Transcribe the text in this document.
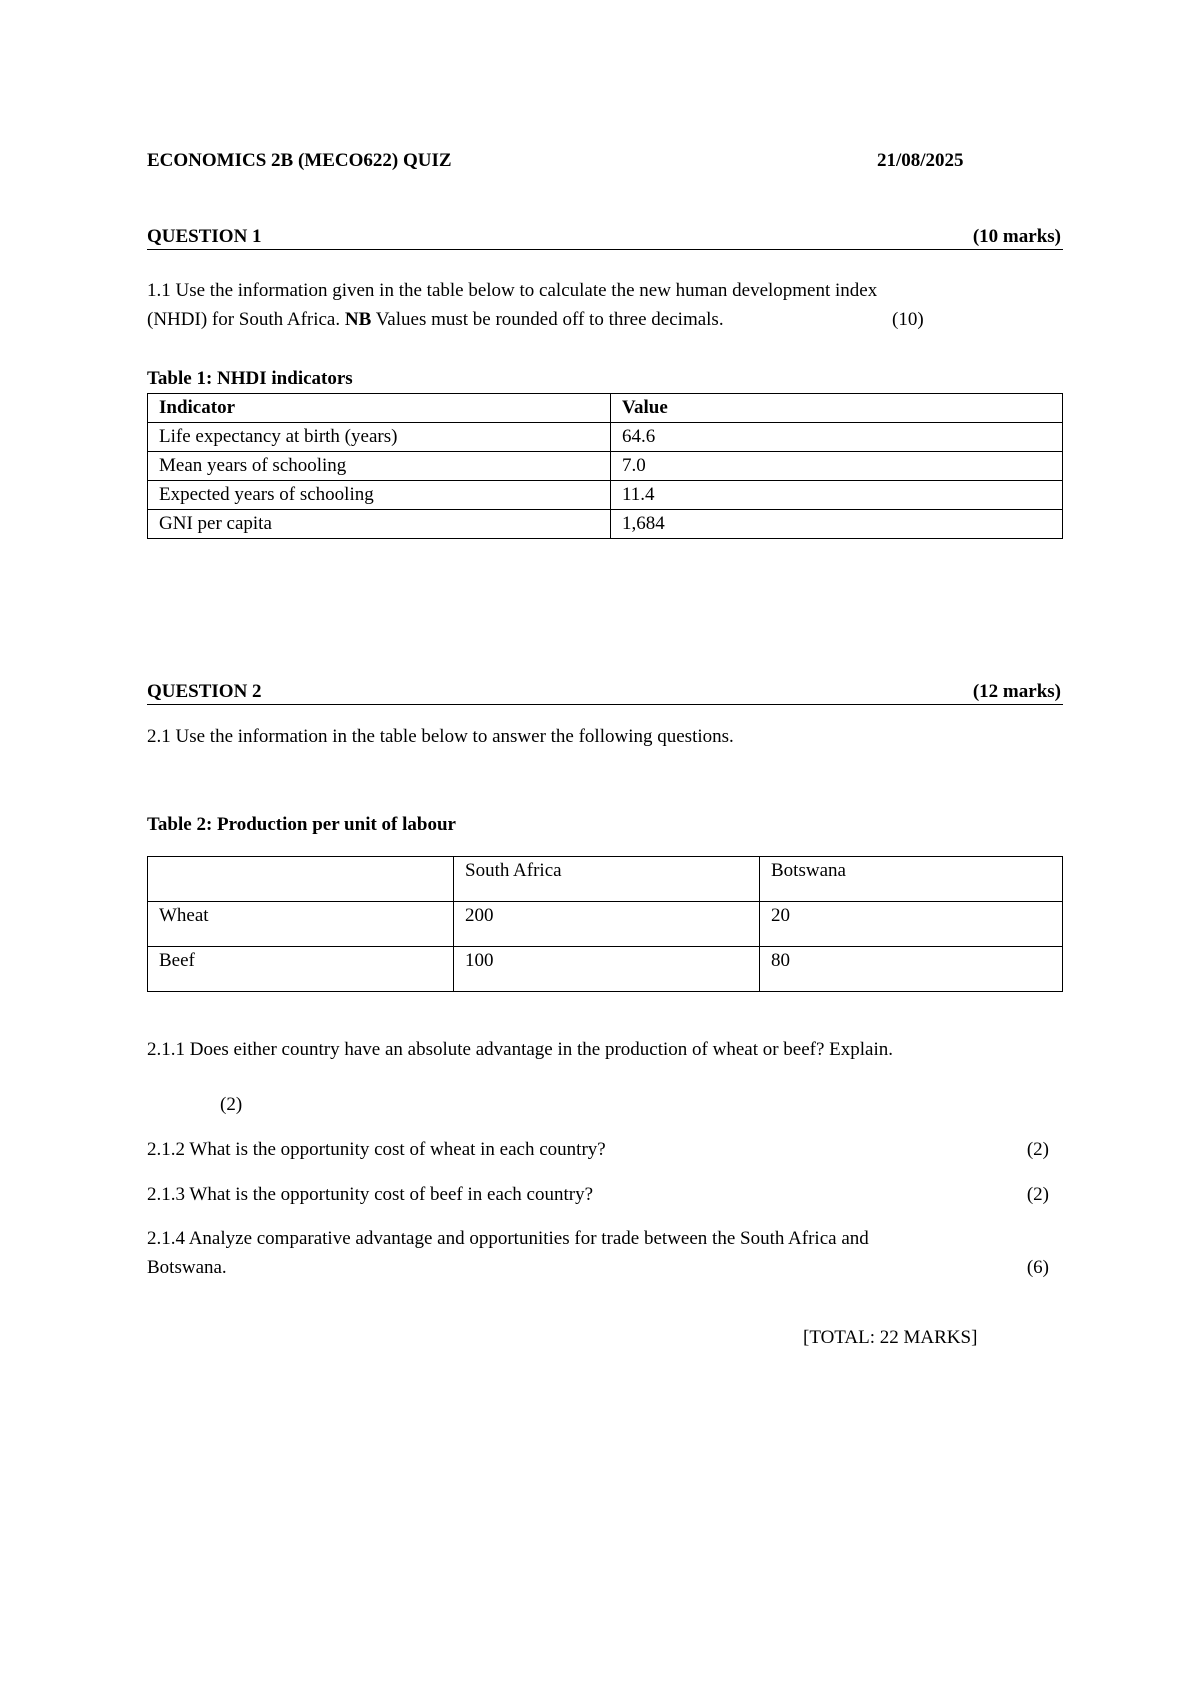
ECONOMICS 2B (MECO622) QUIZ	21/08/2025
QUESTION 1	(10 marks)
1.1 Use the information given in the table below to calculate the new human development index
(NHDI) for South Africa. NB Values must be rounded off to three decimals.	(10)
Table 1: NHDI indicators
Indicator	Value
Life expectancy at birth (years)	64.6
Mean years of schooling	7.0
Expected years of schooling	11.4
GNI per capita	1,684
QUESTION 2	(12 marks)
2.1 Use the information in the table below to answer the following questions.
Table 2: Production per unit of labour
	South Africa	Botswana
Wheat	200	20
Beef	100	80
2.1.1 Does either country have an absolute advantage in the production of wheat or beef? Explain.
(2)
2.1.2 What is the opportunity cost of wheat in each country?	(2)
2.1.3 What is the opportunity cost of beef in each country?	(2)
2.1.4 Analyze comparative advantage and opportunities for trade between the South Africa and
Botswana.	(6)
[TOTAL: 22 MARKS]
